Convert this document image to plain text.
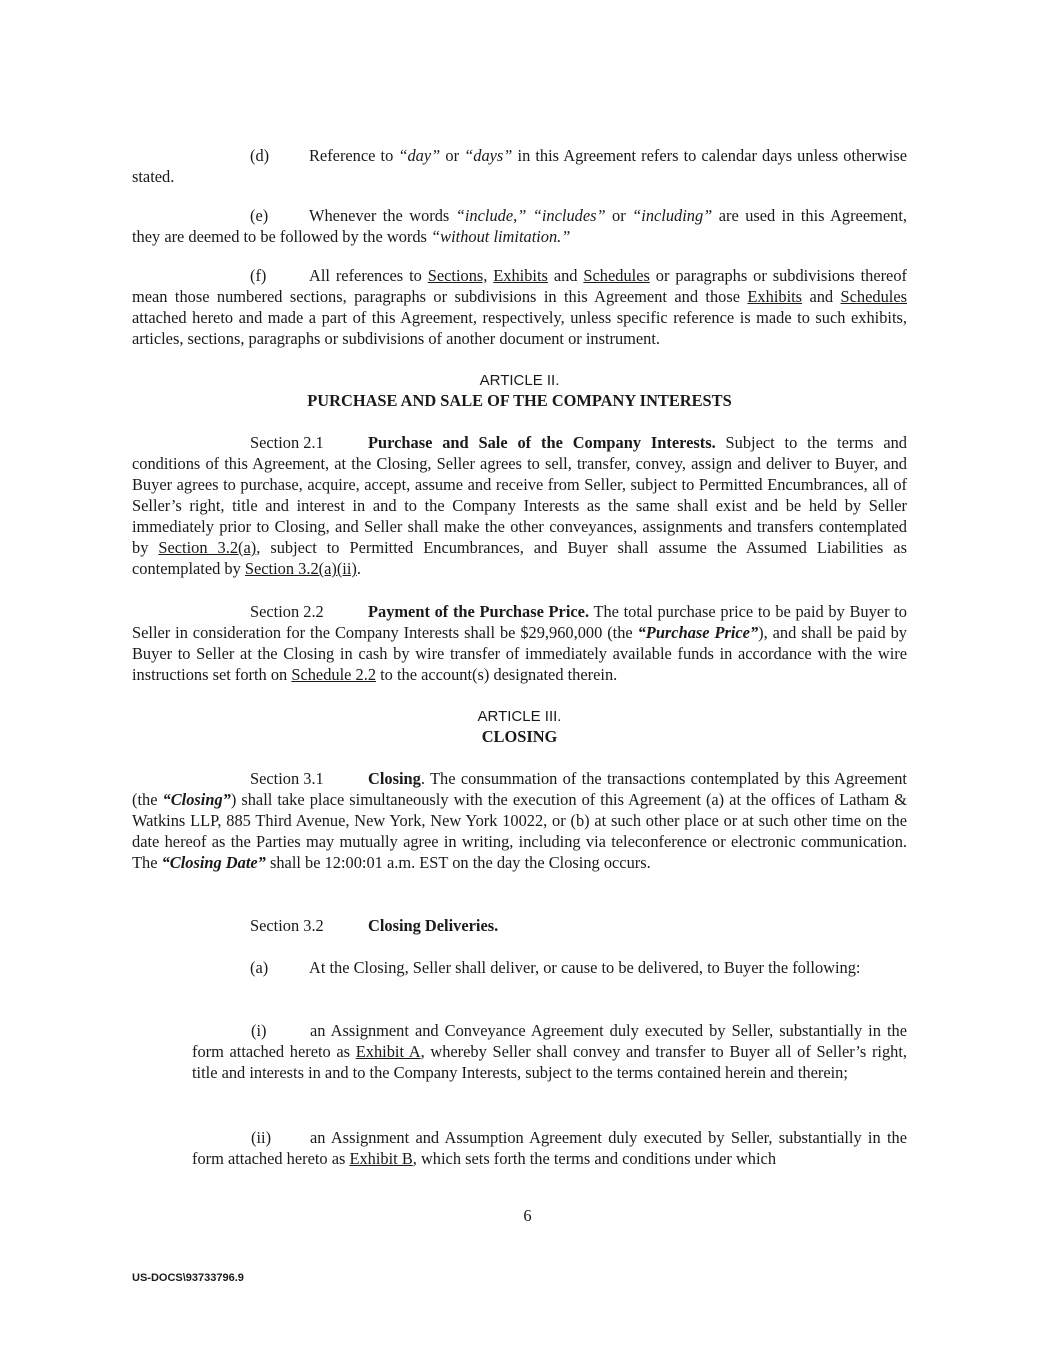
(d) Reference to “day” or “days” in this Agreement refers to calendar days unless otherwise stated.

(e) Whenever the words “include,” “includes” or “including” are used in this Agreement, they are deemed to be followed by the words “without limitation.”

(f)	All references to Sections, Exhibits and Schedules or paragraphs or subdivisions thereof mean those numbered sections, paragraphs or subdivisions in this Agreement and those Exhibits and Schedules attached hereto and made a part of this Agreement, respectively, unless specific reference is made to such exhibits, articles, sections, paragraphs or subdivisions of another document or instrument.

ARTICLE II.

PURCHASE AND SALE OF THE COMPANY INTERESTS

Section 2.1	Purchase and Sale of the Company Interests. Subject to the terms and conditions of this Agreement, at the Closing, Seller agrees to sell, transfer, convey, assign and deliver to Buyer, and Buyer agrees to purchase, acquire, accept, assume and receive from Seller, subject to Permitted Encumbrances, all of Seller’s right, title and interest in and to the Company Interests as the same shall exist and be held by Seller immediately prior to Closing, and Seller shall make the other conveyances, assignments and transfers contemplated by Section 3.2(a), subject to Permitted Encumbrances, and Buyer shall assume the Assumed Liabilities as contemplated by Section 3.2(a)(ii).

Section 2.2	Payment of the Purchase Price. The total purchase price to be paid by Buyer to Seller in consideration for the Company Interests shall be $29,960,000 (the “Purchase Price”), and shall be paid by Buyer to Seller at the Closing in cash by wire transfer of immediately available funds in accordance with the wire instructions set forth on Schedule 2.2 to the account(s) designated therein.

ARTICLE III.

CLOSING

Section 3.1	Closing. The consummation of the transactions contemplated by this Agreement (the “Closing”) shall take place simultaneously with the execution of this Agreement (a) at the offices of Latham & Watkins LLP, 885 Third Avenue, New York, New York 10022, or (b) at such other place or at such other time on the date hereof as the Parties may mutually agree in writing, including via teleconference or electronic communication. The “Closing Date” shall be 12:00:01 a.m. EST on the day the Closing occurs.

Section 3.2	Closing Deliveries.

(a) At the Closing, Seller shall deliver, or cause to be delivered, to Buyer the following:

(i)	an Assignment and Conveyance Agreement duly executed by Seller, substantially in the form attached hereto as Exhibit A, whereby Seller shall convey and transfer to Buyer all of Seller’s right, title and interests in and to the Company Interests, subject to the terms contained herein and therein;

(ii) an Assignment and Assumption Agreement duly executed by Seller, substantially in the form attached hereto as Exhibit B, which sets forth the terms and conditions under which

6
US-DOCS\93733796.9
